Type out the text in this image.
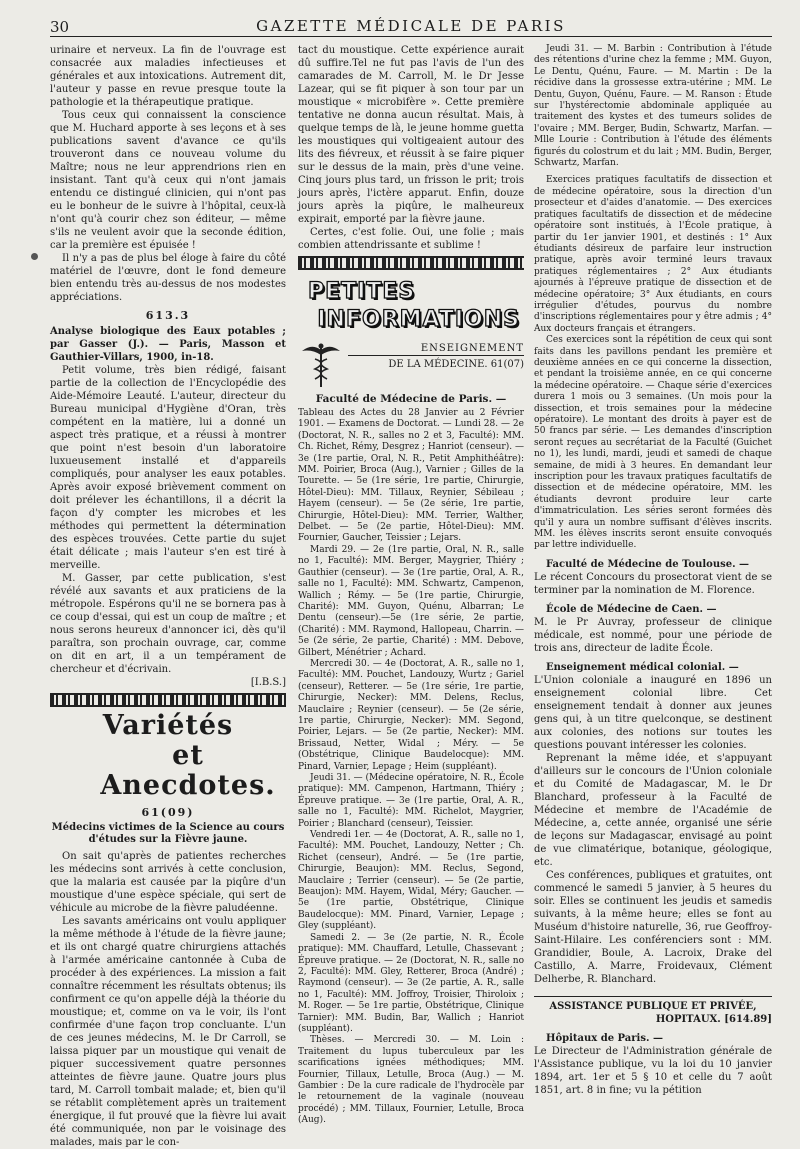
30	GAZETTE MÉDICALE DE PARIS

urinaire et nerveux. La fin de l'ouvrage est consacrée aux maladies infectieuses et générales et aux intoxications. Autrement dit, l'auteur y passe en revue presque toute la pathologie et la thérapeutique pratique.

Tous ceux qui connaissent la conscience que M. Huchard apporte à ses leçons et à ses publications savent d'avance ce qu'ils trouveront dans ce nouveau volume du Maître; nous ne leur apprendrions rien en insistant. Tant qu'à ceux qui n'ont jamais entendu ce distingué clinicien, qui n'ont pas eu le bonheur de le suivre à l'hôpital, ceux-là n'ont qu'à courir chez son éditeur, — même s'ils ne veulent avoir que la seconde édition, car la première est épuisée !

Il n'y a pas de plus bel éloge à faire du côté matériel de l'œuvre, dont le fond demeure bien entendu très au-dessus de nos modestes appréciations.

613.3

Analyse biologique des Eaux potables ; par Gasser (J.). — Paris, Masson et Gauthier-Villars, 1900, in-18.

Petit volume, très bien rédigé, faisant partie de la collection de l'Encyclopédie des Aide-Mémoire Leauté. L'auteur, directeur du Bureau municipal d'Hygiène d'Oran, très compétent en la matière, lui a donné un aspect très pratique, et a réussi à montrer que point n'est besoin d'un laboratoire luxueusement installé et d'appareils compliqués, pour analyser les eaux potables. Après avoir exposé brièvement comment on doit prélever les échantillons, il a décrit la façon d'y compter les microbes et les méthodes qui permettent la détermination des espèces trouvées. Cette partie du sujet était délicate ; mais l'auteur s'en est tiré à merveille.

M. Gasser, par cette publication, s'est révélé aux savants et aux praticiens de la métropole. Espérons qu'il ne se bornera pas à ce coup d'essai, qui est un coup de maître ; et nous serons heureux d'annoncer ici, dès qu'il paraîtra, son prochain ouvrage, car, comme on dit en art, il a un tempérament de chercheur et d'écrivain.

[I.B.S.]
Variétés
et Anecdotes.
61(09)
Médecins victimes de la Science au cours d'études sur la Fièvre jaune.

On sait qu'après de patientes recherches les médecins sont arrivés à cette conclusion, que la malaria est causée par la piqûre d'un moustique d'une espèce spéciale, qui sert de véhicule au microbe de la fièvre paludéenne.

Les savants américains ont voulu appliquer la même méthode à l'étude de la fièvre jaune; et ils ont chargé quatre chirurgiens attachés à l'armée américaine cantonnée à Cuba de procéder à des expériences. La mission a fait connaître récemment les résultats obtenus; ils confirment ce qu'on appelle déjà la théorie du moustique; et, comme on va le voir, ils l'ont confirmée d'une façon trop concluante. L'un de ces jeunes médecins, M. le Dr Carroll, se laissa piquer par un moustique qui venait de piquer successivement quatre personnes atteintes de fièvre jaune. Quatre jours plus tard, M. Carroll tombait malade; et, bien qu'il se rétablit complètement après un traitement énergique, il fut prouvé que la fièvre lui avait été communiquée, non par le voisinage des malades, mais par le con-

tact du moustique. Cette expérience aurait dû suffire.Tel ne fut pas l'avis de l'un des camarades de M. Carroll, M. le Dr Jesse Lazear, qui se fit piquer à son tour par un moustique « microbifère ». Cette première tentative ne donna aucun résultat. Mais, à quelque temps de là, le jeune homme guetta les moustiques qui voltigeaient autour des lits des fiévreux, et réussit à se faire piquer sur le dessus de la main, près d'une veine. Cinq jours plus tard, un frisson le prit; trois jours après, l'ictère apparut. Enfin, douze jours après la piqûre, le malheureux expirait, emporté par la fièvre jaune.

Certes, c'est folie. Oui, une folie ; mais combien attendrissante et sublime !

PETITES
INFORMATIONS
ENSEIGNEMENT
DE LA MÉDECINE. 61(07)
Faculté de Médecine de Paris. —

Tableau des Actes du 28 Janvier au 2 Février 1901. — Examens de Doctorat. — Lundi 28. — 2e (Doctorat, N. R., salles no 2 et 3, Faculté): MM. Ch. Richet, Rémy, Desgrez ; Hanriot (censeur). — 3e (1re partie, Oral, N. R., Petit Amphithéâtre): MM. Poirier, Broca (Aug.), Varnier ; Gilles de la Tourette. — 5e (1re série, 1re partie, Chirurgie, Hôtel-Dieu): MM. Tillaux, Reynier, Sébileau ; Hayem (censeur). — 5e (2e série, 1re partie, Chirurgie, Hôtel-Dieu): MM. Terrier, Walther, Delbet. — 5e (2e partie, Hôtel-Dieu): MM. Fournier, Gaucher, Teissier ; Lejars.

Mardi 29. — 2e (1re partie, Oral, N. R., salle no 1, Faculté): MM. Berger, Maygrier, Thiéry ; Gauthier (censeur). — 3e (1re partie, Oral, A. R., salle no 1, Faculté): MM. Schwartz, Campenon, Wallich ; Rémy. — 5e (1re partie, Chirurgie, Charité): MM. Guyon, Quénu, Albarran; Le Dentu (censeur).—5e (1re série, 2e partie, (Charité) : MM. Raymond, Hallopeau, Charrin. — 5e (2e série, 2e partie, Charité) : MM. Debove, Gilbert, Ménétrier ; Achard.

Mercredi 30. — 4e (Doctorat, A. R., salle no 1, Faculté): MM. Pouchet, Landouzy, Wurtz ; Gariel (censeur), Retterer. — 5e (1re série, 1re partie, Chirurgie, Necker): MM. Delens, Reclus, Mauclaire ; Reynier (censeur). — 5e (2e série, 1re partie, Chirurgie, Necker): MM. Segond, Poirier, Lejars. — 5e (2e partie, Necker): MM. Brissaud, Netter, Widal ; Méry. — 5e (Obstétrique, Clinique Baudelocque): MM. Pinard, Varnier, Lepage ; Heim (suppléant).

Jeudi 31. — (Médecine opératoire, N. R., École pratique): MM. Campenon, Hartmann, Thiéry ; Épreuve pratique. — 3e (1re partie, Oral, A. R., salle no 1, Faculté): MM. Richelot, Maygrier, Poirier ; Blanchard (censeur), Teissier.

Vendredi 1er. — 4e (Doctorat, A. R., salle no 1, Faculté): MM. Pouchet, Landouzy, Netter ; Ch. Richet (censeur), André. — 5e (1re partie, Chirurgie, Beaujon): MM. Reclus, Segond, Mauclaire ; Terrier (censeur). — 5e (2e partie, Beaujon): MM. Hayem, Widal, Méry; Gaucher. — 5e (1re partie, Obstétrique, Clinique Baudelocque): MM. Pinard, Varnier, Lepage ; Gley (suppléant).

Samedi 2. — 3e (2e partie, N. R., École pratique): MM. Chauffard, Letulle, Chassevant ; Épreuve pratique. — 2e (Doctorat, N. R., salle no 2, Faculté): MM. Gley, Retterer, Broca (André) ; Raymond (censeur). — 3e (2e partie, A. R., salle no 1, Faculté): MM. Joffroy, Troisier, Thiroloix ; M. Roger. — 5e 1re partie, Obstétrique, Clinique Tarnier): MM. Budin, Bar, Wallich ; Hanriot (suppléant).

Thèses. — Mercredi 30. — M. Loin : Traitement du lupus tuberculeux par les scarifications ignées méthodiques; MM. Fournier, Tillaux, Letulle, Broca (Aug.) — M. Gambier : De la cure radicale de l'hydrocèle par le retournement de la vaginale (nouveau procédé) ; MM. Tillaux, Fournier, Letulle, Broca (Aug).

Jeudi 31. — M. Barbin : Contribution à l'étude des rétentions d'urine chez la femme ; MM. Guyon, Le Dentu, Quénu, Faure. — M. Martin : De la récidive dans la grossesse extra-utérine ; MM. Le Dentu, Guyon, Quénu, Faure. — M. Ranson : Étude sur l'hystérectomie abdominale appliquée au traitement des kystes et des tumeurs solides de l'ovaire ; MM. Berger, Budin, Schwartz, Marfan. — Mlle Lourie : Contribution à l'étude des éléments figurés du colostrum et du lait ; MM. Budin, Berger, Schwartz, Marfan.

Exercices pratiques facultatifs de dissection et de médecine opératoire, sous la direction d'un prosecteur et d'aides d'anatomie. — Des exercices pratiques facultatifs de dissection et de médecine opératoire sont institués, à l'École pratique, à partir du 1er janvier 1901, et destinés : 1° Aux étudiants désireux de parfaire leur instruction pratique, après avoir terminé leurs travaux pratiques réglementaires ; 2° Aux étudiants ajournés à l'épreuve pratique de dissection et de médecine opératoire; 3° Aux étudiants, en cours irrégulier d'études, pourvus du nombre d'inscriptions réglementaires pour y être admis ; 4° Aux docteurs français et étrangers.

Ces exercices sont la répétition de ceux qui sont faits dans les pavillons pendant les première et deuxième années en ce qui concerne la dissection, et pendant la troisième année, en ce qui concerne la médecine opératoire. — Chaque série d'exercices durera 1 mois ou 3 semaines. (Un mois pour la dissection, et trois semaines pour la médecine opératoire). Le montant des droits à payer est de 50 francs par série. — Les demandes d'inscription seront reçues au secrétariat de la Faculté (Guichet no 1), les lundi, mardi, jeudi et samedi de chaque semaine, de midi à 3 heures. En demandant leur inscription pour les travaux pratiques facultatifs de dissection et de médecine opératoire, MM. les étudiants devront produire leur carte d'immatriculation. Les séries seront formées dès qu'il y aura un nombre suffisant d'élèves inscrits. MM. les élèves inscrits seront ensuite convoqués par lettre individuelle.

Faculté de Médecine de Toulouse. —

Le récent Concours du prosectorat vient de se terminer par la nomination de M. Florence.

École de Médecine de Caen. —

M. le Pr Auvray, professeur de clinique médicale, est nommé, pour une période de trois ans, directeur de ladite École.

Enseignement médical colonial. —

L'Union coloniale a inauguré en 1896 un enseignement colonial libre. Cet enseignement tendait à donner aux jeunes gens qui, à un titre quelconque, se destinent aux colonies, des notions sur toutes les questions pouvant intéresser les colonies.

Reprenant la même idée, et s'appuyant d'ailleurs sur le concours de l'Union coloniale et du Comité de Madagascar, M. le Dr Blanchard, professeur à la Faculté de Médecine et membre de l'Académie de Médecine, a, cette année, organisé une série de leçons sur Madagascar, envisagé au point de vue climatérique, botanique, géologique, etc.

Ces conférences, publiques et gratuites, ont commencé le samedi 5 janvier, à 5 heures du soir. Elles se continuent les jeudis et samedis suivants, à la même heure; elles se font au Muséum d'histoire naturelle, 36, rue Geoffroy-Saint-Hilaire. Les conférenciers sont : MM. Grandidier, Boule, A. Lacroix, Drake del Castillo, A. Marre, Froidevaux, Clément Delherbe, R. Blanchard.

ASSISTANCE PUBLIQUE ET PRIVÉE,
HOPITAUX. [614.89]
Hôpitaux de Paris. —

Le Directeur de l'Administration générale de l'Assistance publique, vu la loi du 10 janvier 1894, art. 1er et 5 § 10 et celle du 7 août 1851, art. 8 in fine; vu la pétition
